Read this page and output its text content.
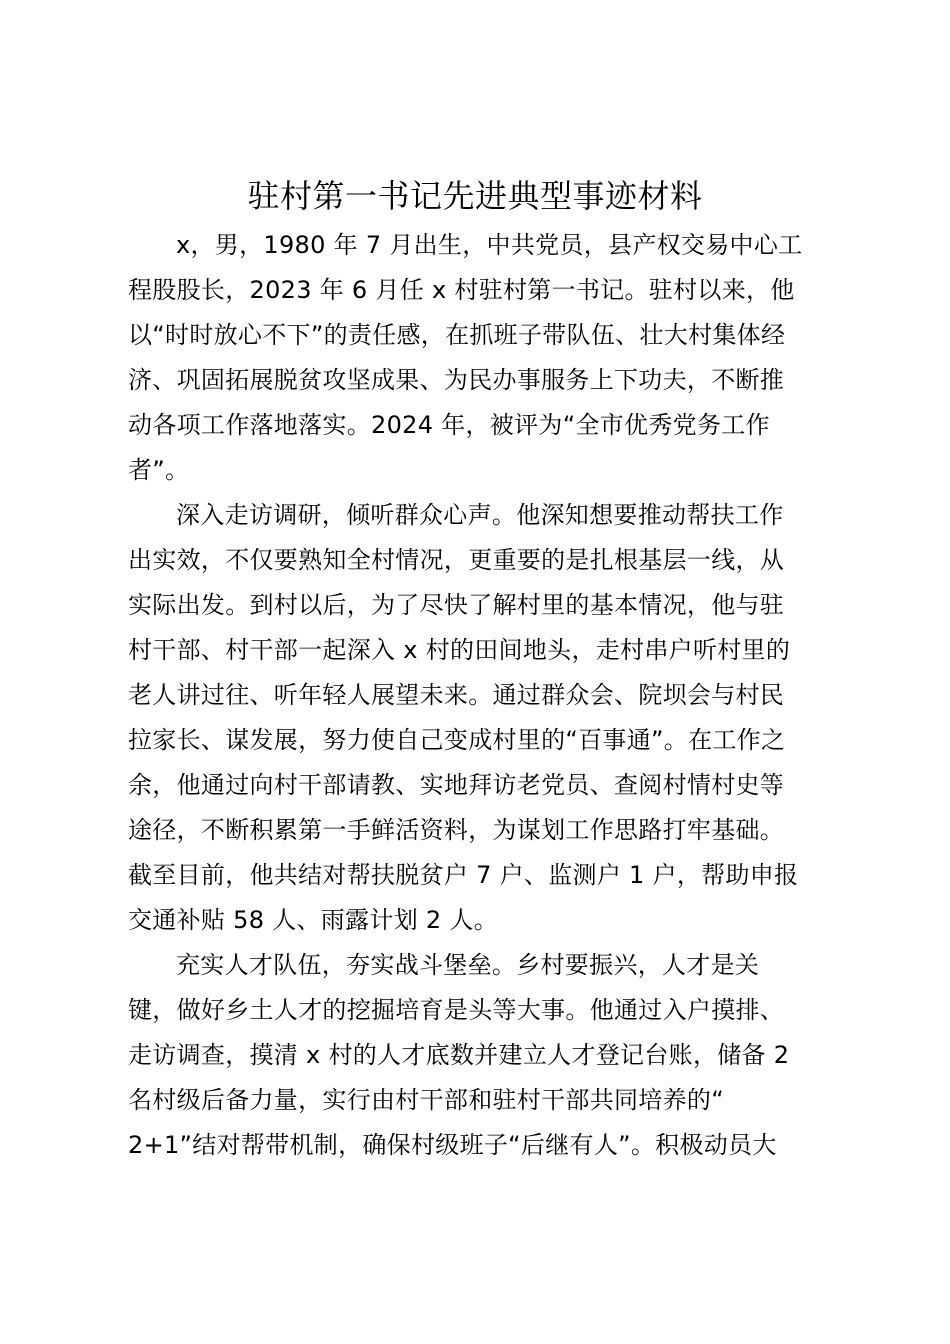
驻村第一书记先进典型事迹材料
x，男，1980 年 7 月出生，中共党员，县产权交易中心工
程股股长，2023 年 6 月任 x 村驻村第一书记。驻村以来，他
以“时时放心不下”的责任感，在抓班子带队伍、壮大村集体经
济、巩固拓展脱贫攻坚成果、为民办事服务上下功夫，不断推
动各项工作落地落实。2024 年，被评为“全市优秀党务工作
者”。
深入走访调研，倾听群众心声。他深知想要推动帮扶工作
出实效，不仅要熟知全村情况，更重要的是扎根基层一线，从
实际出发。到村以后，为了尽快了解村里的基本情况，他与驻
村干部、村干部一起深入 x 村的田间地头，走村串户听村里的
老人讲过往、听年轻人展望未来。通过群众会、院坝会与村民
拉家长、谋发展，努力使自己变成村里的“百事通”。在工作之
余，他通过向村干部请教、实地拜访老党员、查阅村情村史等
途径，不断积累第一手鲜活资料，为谋划工作思路打牢基础。
截至目前，他共结对帮扶脱贫户 7 户、监测户 1 户，帮助申报
交通补贴 58 人、雨露计划 2 人。
充实人才队伍，夯实战斗堡垒。乡村要振兴，人才是关
键，做好乡土人才的挖掘培育是头等大事。他通过入户摸排、
走访调查，摸清 x 村的人才底数并建立人才登记台账，储备 2
名村级后备力量，实行由村干部和驻村干部共同培养的“
2+1”结对帮带机制，确保村级班子“后继有人”。积极动员大
